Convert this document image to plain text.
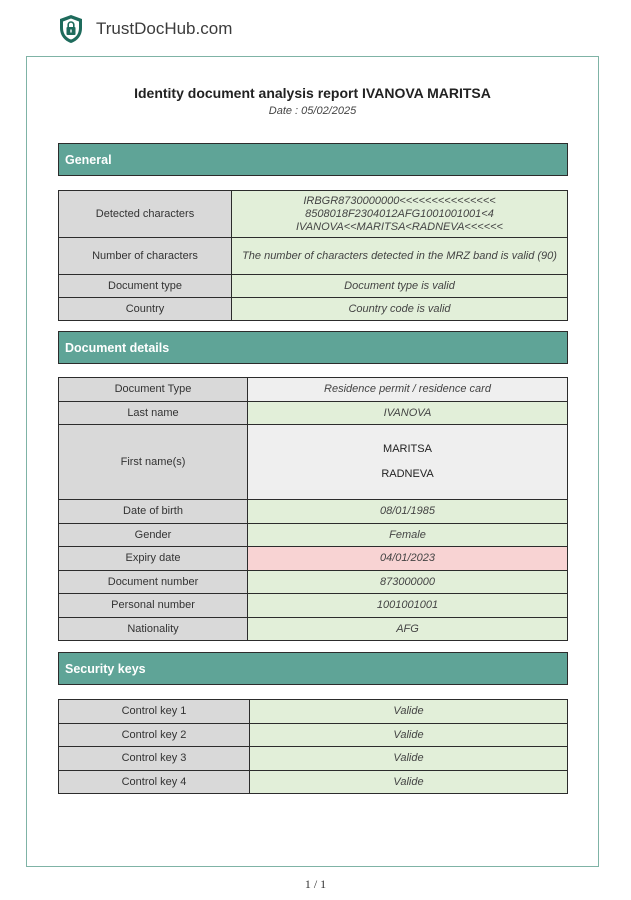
TrustDocHub.com
Identity document analysis report IVANOVA MARITSA
Date : 05/02/2025
General
Detected characters	IRBGR8730000000<<<<<<<<<<<<<<<
8508018F2304012AFG1001001001<4
IVANOVA<<MARITSA<RADNEVA<<<<<<

Number of characters	The number of characters detected in the MRZ band is valid (90)
Document type	Document type is valid
Country	Country code is valid
Document details
Document Type	Residence permit / residence card
Last name	IVANOVA
First name(s)	MARITSA
RADNEVA

Date of birth	08/01/1985
Gender	Female
Expiry date	04/01/2023
Document number	873000000
Personal number	1001001001
Nationality	AFG
Security keys
Control key 1	Valide
Control key 2	Valide
Control key 3	Valide
Control key 4	Valide
1 / 1
